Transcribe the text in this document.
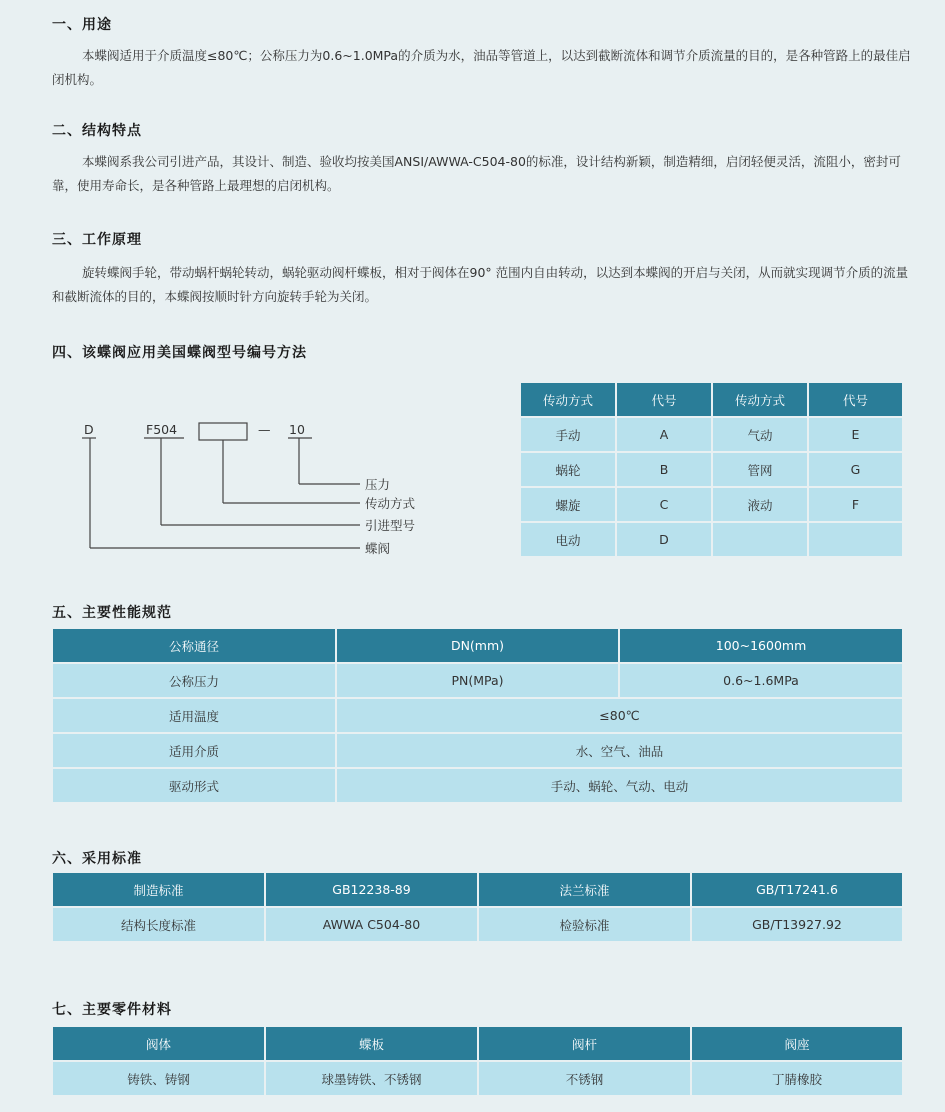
一、用途
本蝶阀适用于介质温度≤80℃；公称压力为0.6~1.0MPa的介质为水，油品等管道上，以达到截断流体和调节介质流量的目的，是各种管路上的最佳启闭机构。
二、结构特点
本蝶阀系我公司引进产品，其设计、制造、验收均按美国ANSI/AWWA-C504-80的标准，设计结构新颖，制造精细，启闭轻便灵活，流阻小，密封可靠，使用寿命长，是各种管路上最理想的启闭机构。
三、工作原理
旋转蝶阀手轮，带动蜗杆蜗轮转动，蜗轮驱动阀杆蝶板，相对于阀体在90° 范围内自由转动，以达到本蝶阀的开启与关闭，从而就实现调节介质的流量和截断流体的目的，本蝶阀按顺时针方向旋转手轮为关闭。
四、该蝶阀应用美国蝶阀型号编号方法
D	F504	— 10
压力
传动方式
引进型号
蝶阀
传动方式	代号	传动方式	代号
手动	A	气动	E
蜗轮	B	管网	G
螺旋	C	液动	F
电动	D		
五、主要性能规范
公称通径	DN(mm)	100~1600mm
公称压力	PN(MPa)	0.6~1.6MPa
适用温度	≤80℃	
适用介质	水、空气、油品	
驱动形式	手动、蜗轮、气动、电动	
六、采用标准
制造标准	GB12238-89	法兰标准	GB/T17241.6
结构长度标准	AWWA C504-80	检验标准	GB/T13927.92
七、主要零件材料
阀体	蝶板	阀杆	阀座
铸铁、铸钢	球墨铸铁、不锈钢	不锈钢	丁腈橡胶
